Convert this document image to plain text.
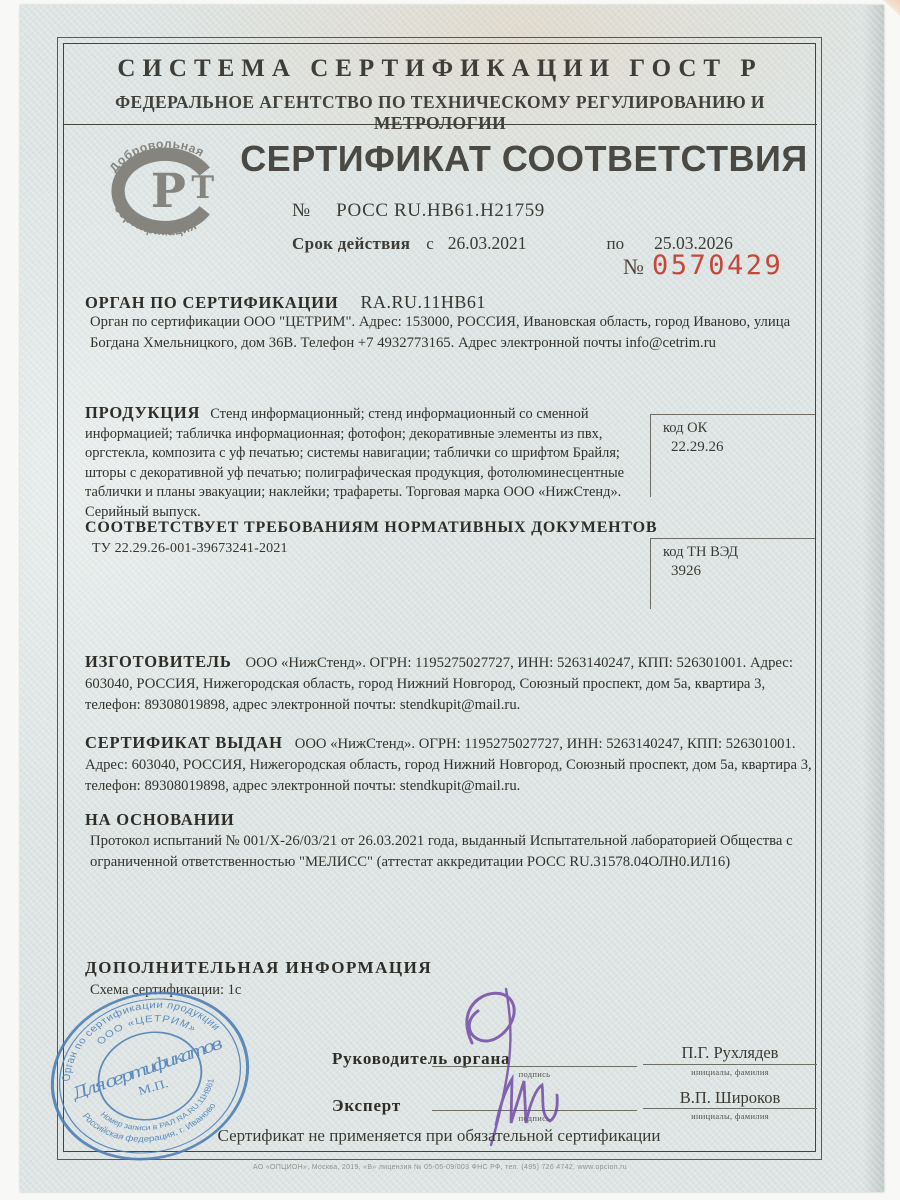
СИСТЕМА СЕРТИФИКАЦИИ ГОСТ Р
ФЕДЕРАЛЬНОЕ АГЕНТСТВО ПО ТЕХНИЧЕСКОМУ РЕГУЛИРОВАНИЮ И МЕТРОЛОГИИ
Добровольная
Р Т
сертификация
СЕРТИФИКАТ СООТВЕТСТВИЯ
№ РОСС RU.НВ61.Н21759
Срок действия с 26.03.2021	по 25.03.2026
№ 0570429
ОРГАН ПО СЕРТИФИКАЦИИ RA.RU.11НВ61
Орган по сертификации ООО "ЦЕТРИМ". Адрес: 153000, РОССИЯ, Ивановская область, город Иваново, улица Богдана Хмельницкого, дом 36В. Телефон +7 4932773165. Адрес электронной почты info@cetrim.ru

ПРОДУКЦИЯ Стенд информационный; стенд информационный со сменной информацией; табличка информационная; фотофон; декоративные элементы из пвх, оргстекла, композита с уф печатью; системы навигации; таблички со шрифтом Брайля; шторы с декоративной уф печатью; полиграфическая продукция, фотолюминесцентные таблички и планы эвакуации; наклейки; трафареты. Торговая марка ООО «НижСтенд». Серийный выпуск.

код ОК
22.29.26
код ТН ВЭД
3926
СООТВЕТСТВУЕТ ТРЕБОВАНИЯМ НОРМАТИВНЫХ ДОКУМЕНТОВ
ТУ 22.29.26-001-39673241-2021

ИЗГОТОВИТЕЛЬ ООО «НижСтенд». ОГРН: 1195275027727, ИНН: 5263140247, КПП: 526301001. Адрес: 603040, РОССИЯ, Нижегородская область, город Нижний Новгород, Союзный проспект, дом 5а, квартира 3, телефон: 89308019898, адрес электронной почты: stendkupit@mail.ru.

СЕРТИФИКАТ ВЫДАН ООО «НижСтенд». ОГРН: 1195275027727, ИНН: 5263140247, КПП: 526301001. Адрес: 603040, РОССИЯ, Нижегородская область, город Нижний Новгород, Союзный проспект, дом 5а, квартира 3, телефон: 89308019898, адрес электронной почты: stendkupit@mail.ru.

НА ОСНОВАНИИ
Протокол испытаний № 001/Х-26/03/21 от 26.03.2021 года, выданный Испытательной лабораторией Общества с ограниченной ответственностью "МЕЛИСС" (аттестат аккредитации РОСС RU.31578.04ОЛН0.ИЛ16)
ДОПОЛНИТЕЛЬНАЯ ИНФОРМАЦИЯ
Схема сертификации: 1с
Орган по сертификации продукции
ООО «ЦЕТРИМ»
Для сертификатов
М.П.
Номер записи в РАЛ RA.RU.11НВ61
Российская федерация, г. Иваново
Руководитель органа
Эксперт
подпись
П.Г. Рухлядев
инициалы, фамилия
подпись
В.П. Широков
инициалы, фамилия
Сертификат не применяется при обязательной сертификации
АО «ОПЦИОН», Москва, 2019, «В» лицензия № 05-05-09/003 ФНС РФ, тел. (495) 726 4742, www.opcion.ru
